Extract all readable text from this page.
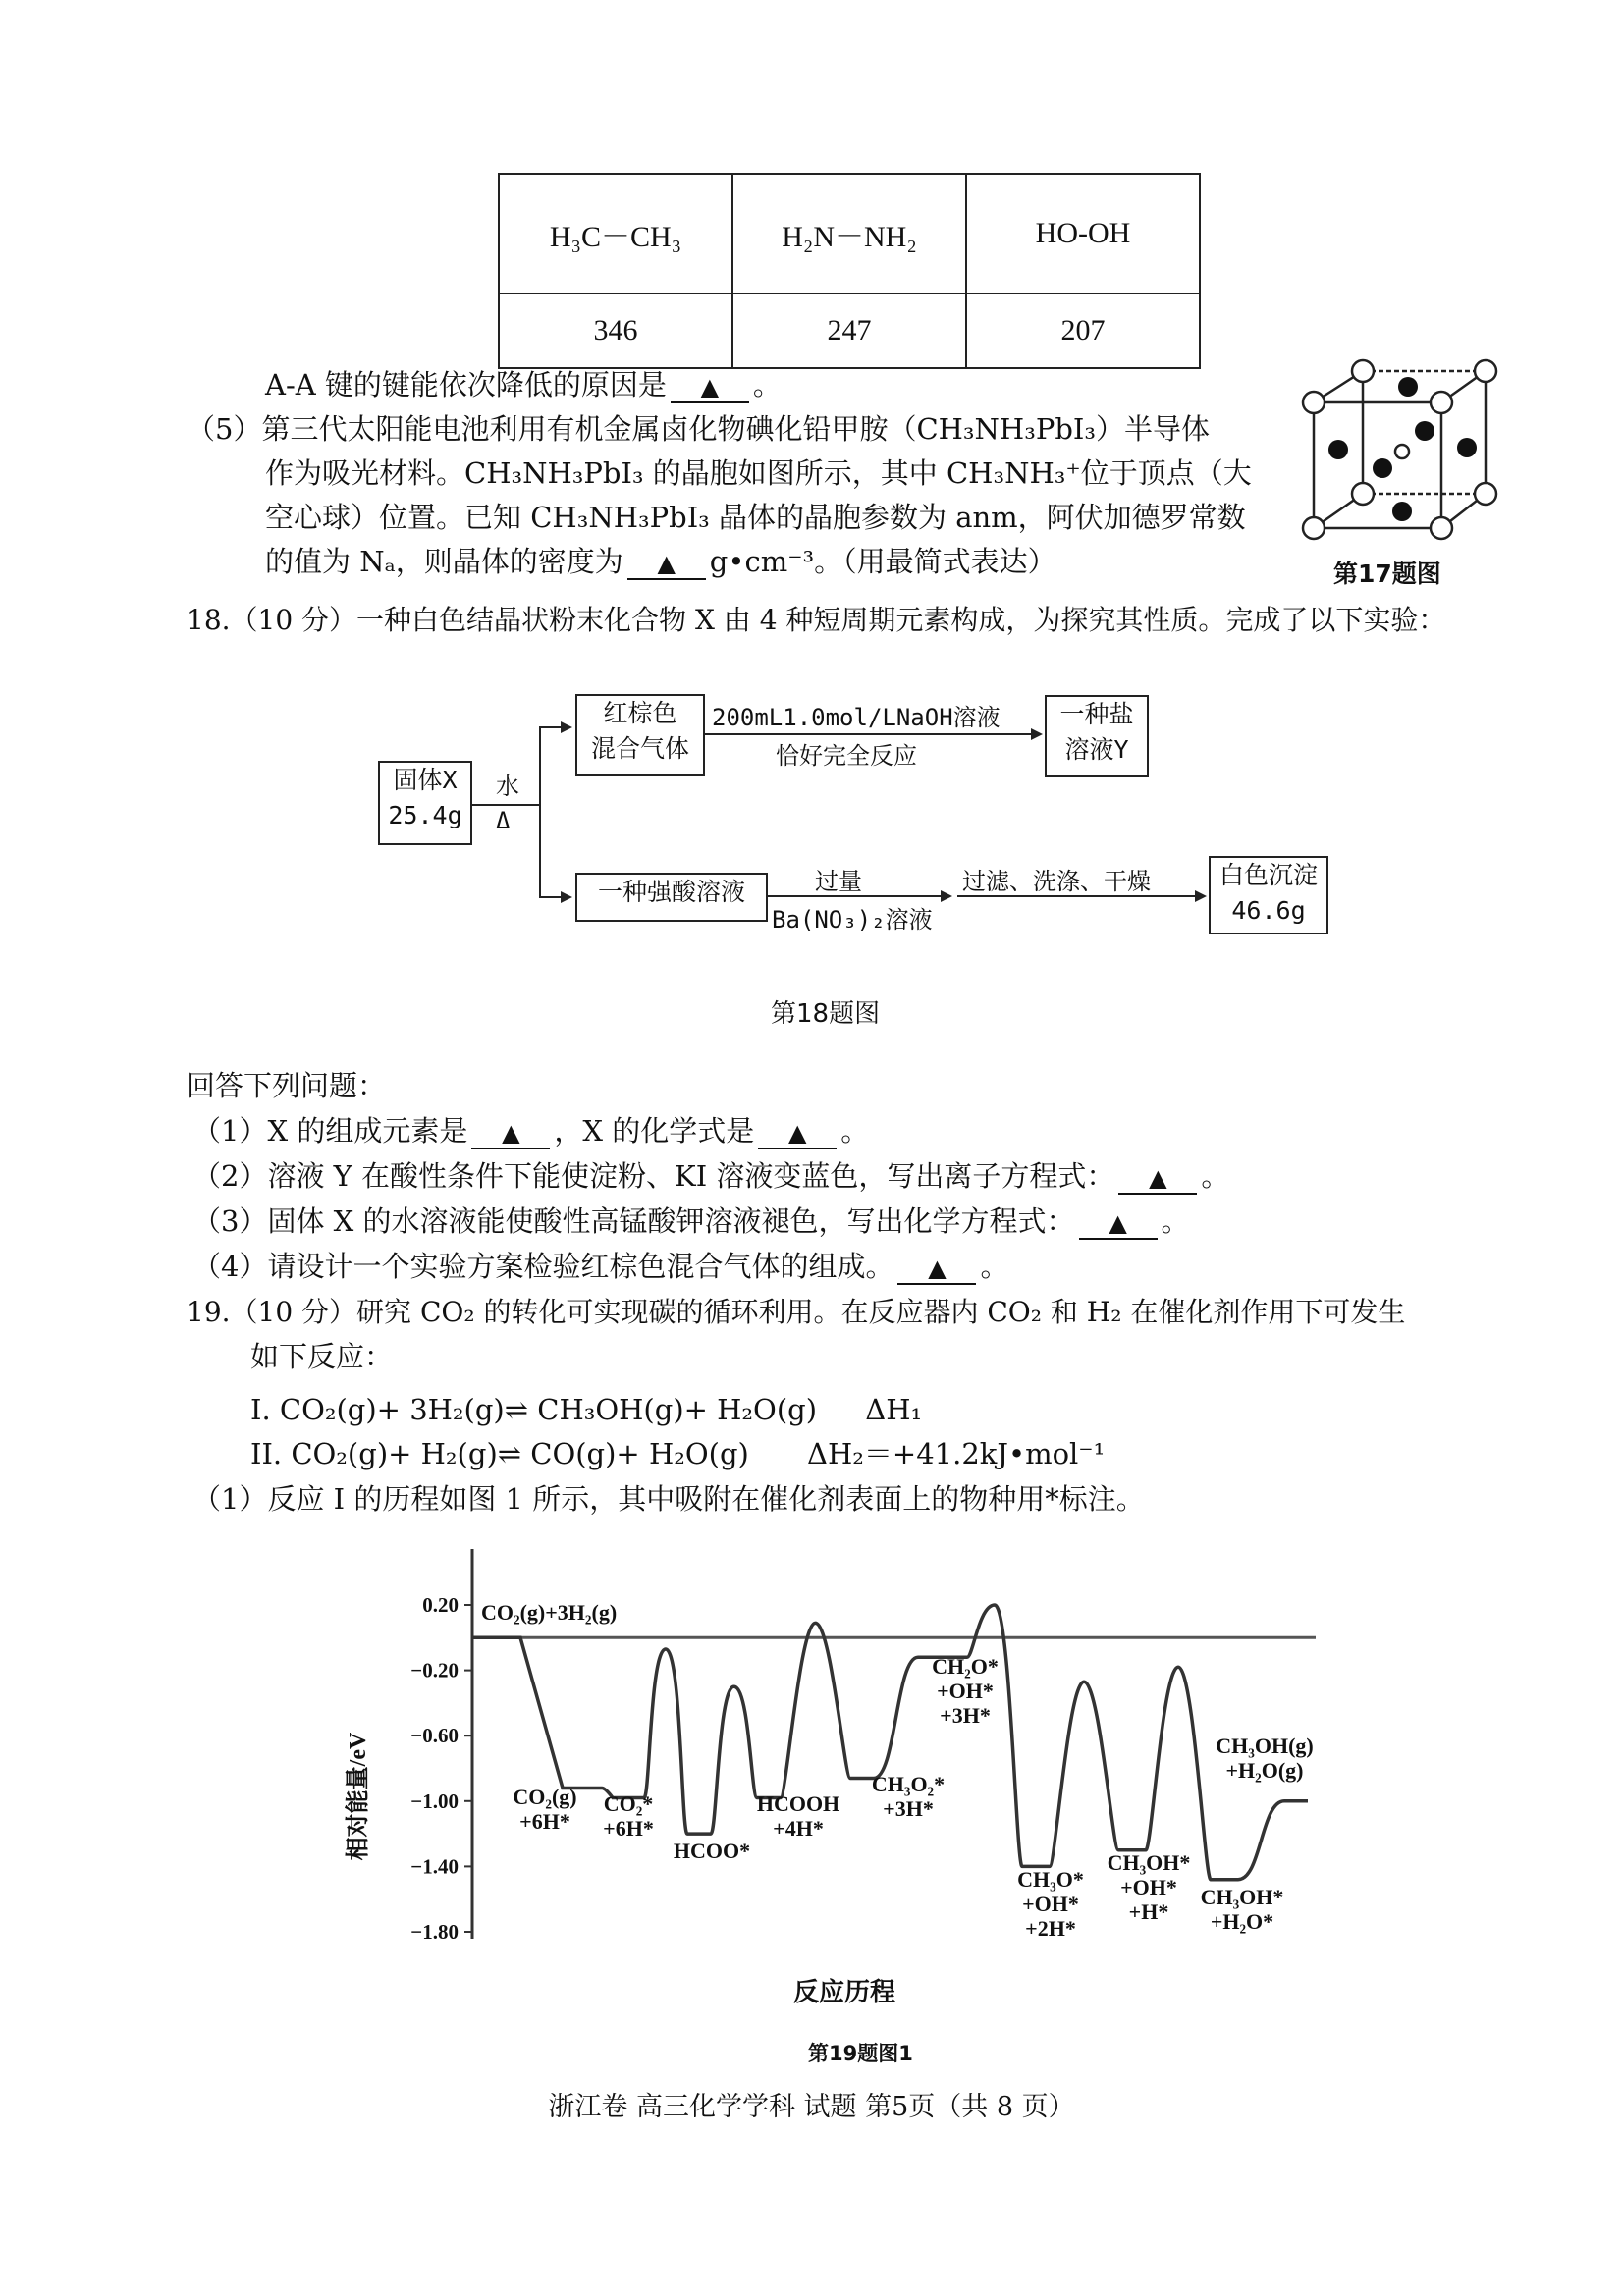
H₃C－CH₃	H₂N－NH₂	HO-OH
346	247	207
A-A 键的键能依次降低的原因是 ▲ 。
（5）第三代太阳能电池利用有机金属卤化物碘化铅甲胺（CH₃NH₃PbI₃）半导体
作为吸光材料。CH₃NH₃PbI₃ 的晶胞如图所示，其中 CH₃NH₃⁺位于顶点（大
空心球）位置。已知 CH₃NH₃PbI₃ 晶体的晶胞参数为 anm，阿伏加德罗常数
的值为 Nₐ，则晶体的密度为 ▲ g•cm⁻³。（用最简式表达）	第17题图
18.（10 分）一种白色结晶状粉末化合物 X 由 4 种短周期元素构成，为探究其性质。完成了以下实验：
固体X
25.4g
水
Δ
红棕色
混合气体
200mL1.0mol/LNaOH溶液
恰好完全反应
一种盐
溶液Y
一种强酸溶液	过量
Ba(NO₃)₂溶液
过滤、洗涤、干燥	白色沉淀
46.6g
第18题图
回答下列问题：
（1）X 的组成元素是 ▲ ，X 的化学式是 ▲ 。
（2）溶液 Y 在酸性条件下能使淀粉、KI 溶液变蓝色，写出离子方程式： ▲ 。
（3）固体 X 的水溶液能使酸性高锰酸钾溶液褪色，写出化学方程式： ▲ 。
（4）请设计一个实验方案检验红棕色混合气体的组成。 ▲ 。
19.（10 分）研究 CO₂ 的转化可实现碳的循环利用。在反应器内 CO₂ 和 H₂ 在催化剂作用下可发生
如下反应：
I. CO₂(g)+ 3H₂(g)⇌ CH₃OH(g)+ H₂O(g) ΔH₁
II. CO₂(g)+ H₂(g)⇌ CO(g)+ H₂O(g) ΔH₂＝+41.2kJ•mol⁻¹
（1）反应 I 的历程如图 1 所示，其中吸附在催化剂表面上的物种用*标注。
0.20
−0.20
−0.60
−1.00
−1.40
−1.80
CO₂(g)+3H₂(g)
CO₂(g)
+6H*
CO₂*
+6H*
HCOO*
HCOOH
+4H*
CH₃O₂*
+3H*
CH₂O*
+OH*
+3H*
CH₃O*
+OH*
+2H*
CH₃OH*
+OH*
+H*
CH₃OH*
+H₂O*
CH₃OH(g)
+H₂O(g)
相对能量/eV
反应历程
第19题图1
浙江卷 高三化学学科 试题 第5页（共 8 页）
